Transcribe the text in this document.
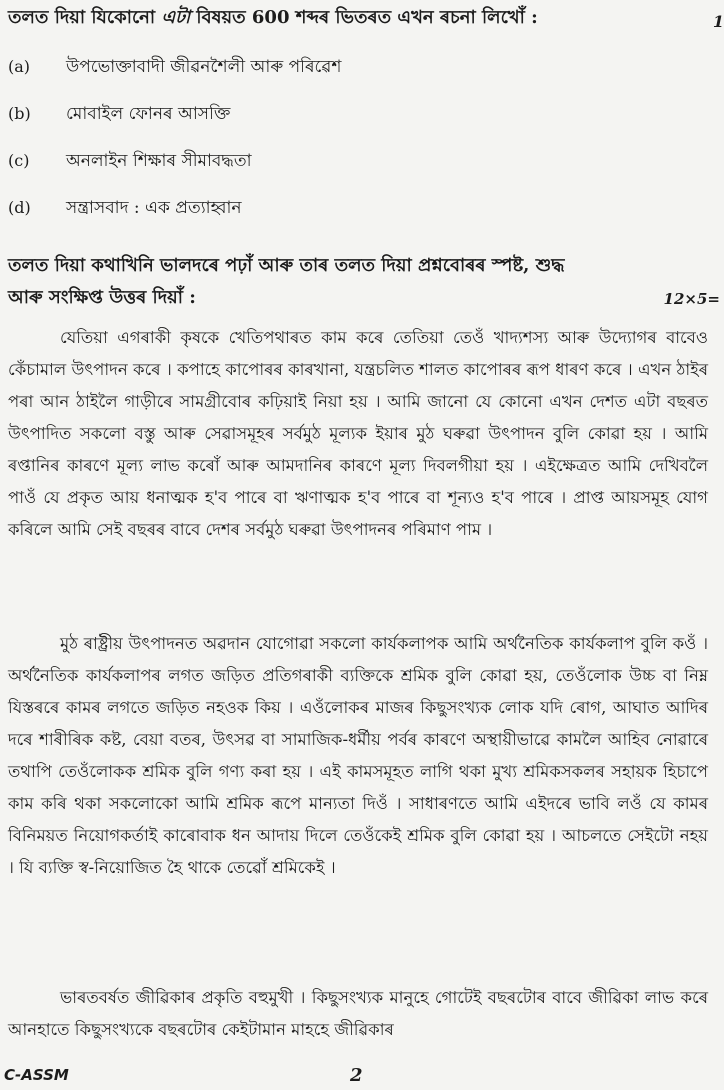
তলত দিয়া যিকোনো এটা বিষয়ত 600 শব্দৰ ভিতৰত এখন ৰচনা লিখোঁ :	1
(a) উপভোক্তাবাদী জীৱনশৈলী আৰু পৰিৱেশ
(b) মোবাইল ফোনৰ আসক্তি
(c) অনলাইন শিক্ষাৰ সীমাবদ্ধতা
(d) সন্ত্ৰাসবাদ : এক প্ৰত্যাহ্বান
তলত দিয়া কথাখিনি ভালদৰে পঢ়াঁ আৰু তাৰ তলত দিয়া প্ৰশ্নবোৰৰ স্পষ্ট, শুদ্ধ
আৰু সংক্ষিপ্ত উত্তৰ দিয়াঁ :	12×5=

যেতিয়া এগৰাকী কৃষকে খেতিপথাৰত কাম কৰে তেতিয়া তেওঁ খাদ্যশস্য আৰু উদ্যোগৰ বাবেও কেঁচামাল উৎপাদন কৰে । কপাহে কাপোৰৰ কাৰখানা, যন্ত্ৰচলিত শালত কাপোৰৰ ৰূপ ধাৰণ কৰে । এখন ঠাইৰ পৰা আন ঠাইলৈ গাড়ীৰে সামগ্ৰীবোৰ কঢ়িয়াই নিয়া হয় । আমি জানো যে কোনো এখন দেশত এটা বছৰত উৎপাদিত সকলো বস্তু আৰু সেৱাসমূহৰ সৰ্বমুঠ মূল্যক ইয়াৰ মুঠ ঘৰুৱা উৎপাদন বুলি কোৱা হয় । আমি ৰপ্তানিৰ কাৰণে মূল্য লাভ কৰোঁ আৰু আমদানিৰ কাৰণে মূল্য দিবলগীয়া হয় । এইক্ষেত্ৰত আমি দেখিবলৈ পাওঁ যে প্ৰকৃত আয় ধনাত্মক হ'ব পাৰে বা ঋণাত্মক হ'ব পাৰে বা শূন্যও হ'ব পাৰে । প্ৰাপ্ত আয়সমূহ যোগ কৰিলে আমি সেই বছৰৰ বাবে দেশৰ সৰ্বমুঠ ঘৰুৱা উৎপাদনৰ পৰিমাণ পাম ।

মুঠ ৰাষ্ট্ৰীয় উৎপাদনত অৱদান যোগোৱা সকলো কাৰ্যকলাপক আমি অৰ্থনৈতিক কাৰ্যকলাপ বুলি কওঁ । অৰ্থনৈতিক কাৰ্যকলাপৰ লগত জড়িত প্ৰতিগৰাকী ব্যক্তিকে শ্ৰমিক বুলি কোৱা হয়, তেওঁলোক উচ্চ বা নিম্ন যিস্তৰৰে কামৰ লগতে জড়িত নহওক কিয় । এওঁলোকৰ মাজৰ কিছুসংখ্যক লোক যদি ৰোগ, আঘাত আদিৰ দৰে শাৰীৰিক কষ্ট, বেয়া বতৰ, উৎসৱ বা সামাজিক-ধৰ্মীয় পৰ্বৰ কাৰণে অস্থায়ীভাৱে কামলৈ আহিব নোৱাৰে তথাপি তেওঁলোকক শ্ৰমিক বুলি গণ্য কৰা হয় । এই কামসমূহত লাগি থকা মুখ্য শ্ৰমিকসকলৰ সহায়ক হিচাপে কাম কৰি থকা সকলোকো আমি শ্ৰমিক ৰূপে মান্যতা দিওঁ । সাধাৰণতে আমি এইদৰে ভাবি লওঁ যে কামৰ বিনিময়ত নিয়োগকৰ্তাই কাৰোবাক ধন আদায় দিলে তেওঁকেই শ্ৰমিক বুলি কোৱা হয় । আচলতে সেইটো নহয় । যি ব্যক্তি স্ব-নিয়োজিত হৈ থাকে তেৱোঁ শ্ৰমিকেই ।

ভাৰতবৰ্ষত জীৱিকাৰ প্ৰকৃতি বহুমুখী । কিছুসংখ্যক মানুহে গোটেই বছৰটোৰ বাবে জীৱিকা লাভ কৰে আনহাতে কিছুসংখ্যকে বছৰটোৰ কেইটামান মাহহে জীৱিকাৰ

C-ASSM	2
